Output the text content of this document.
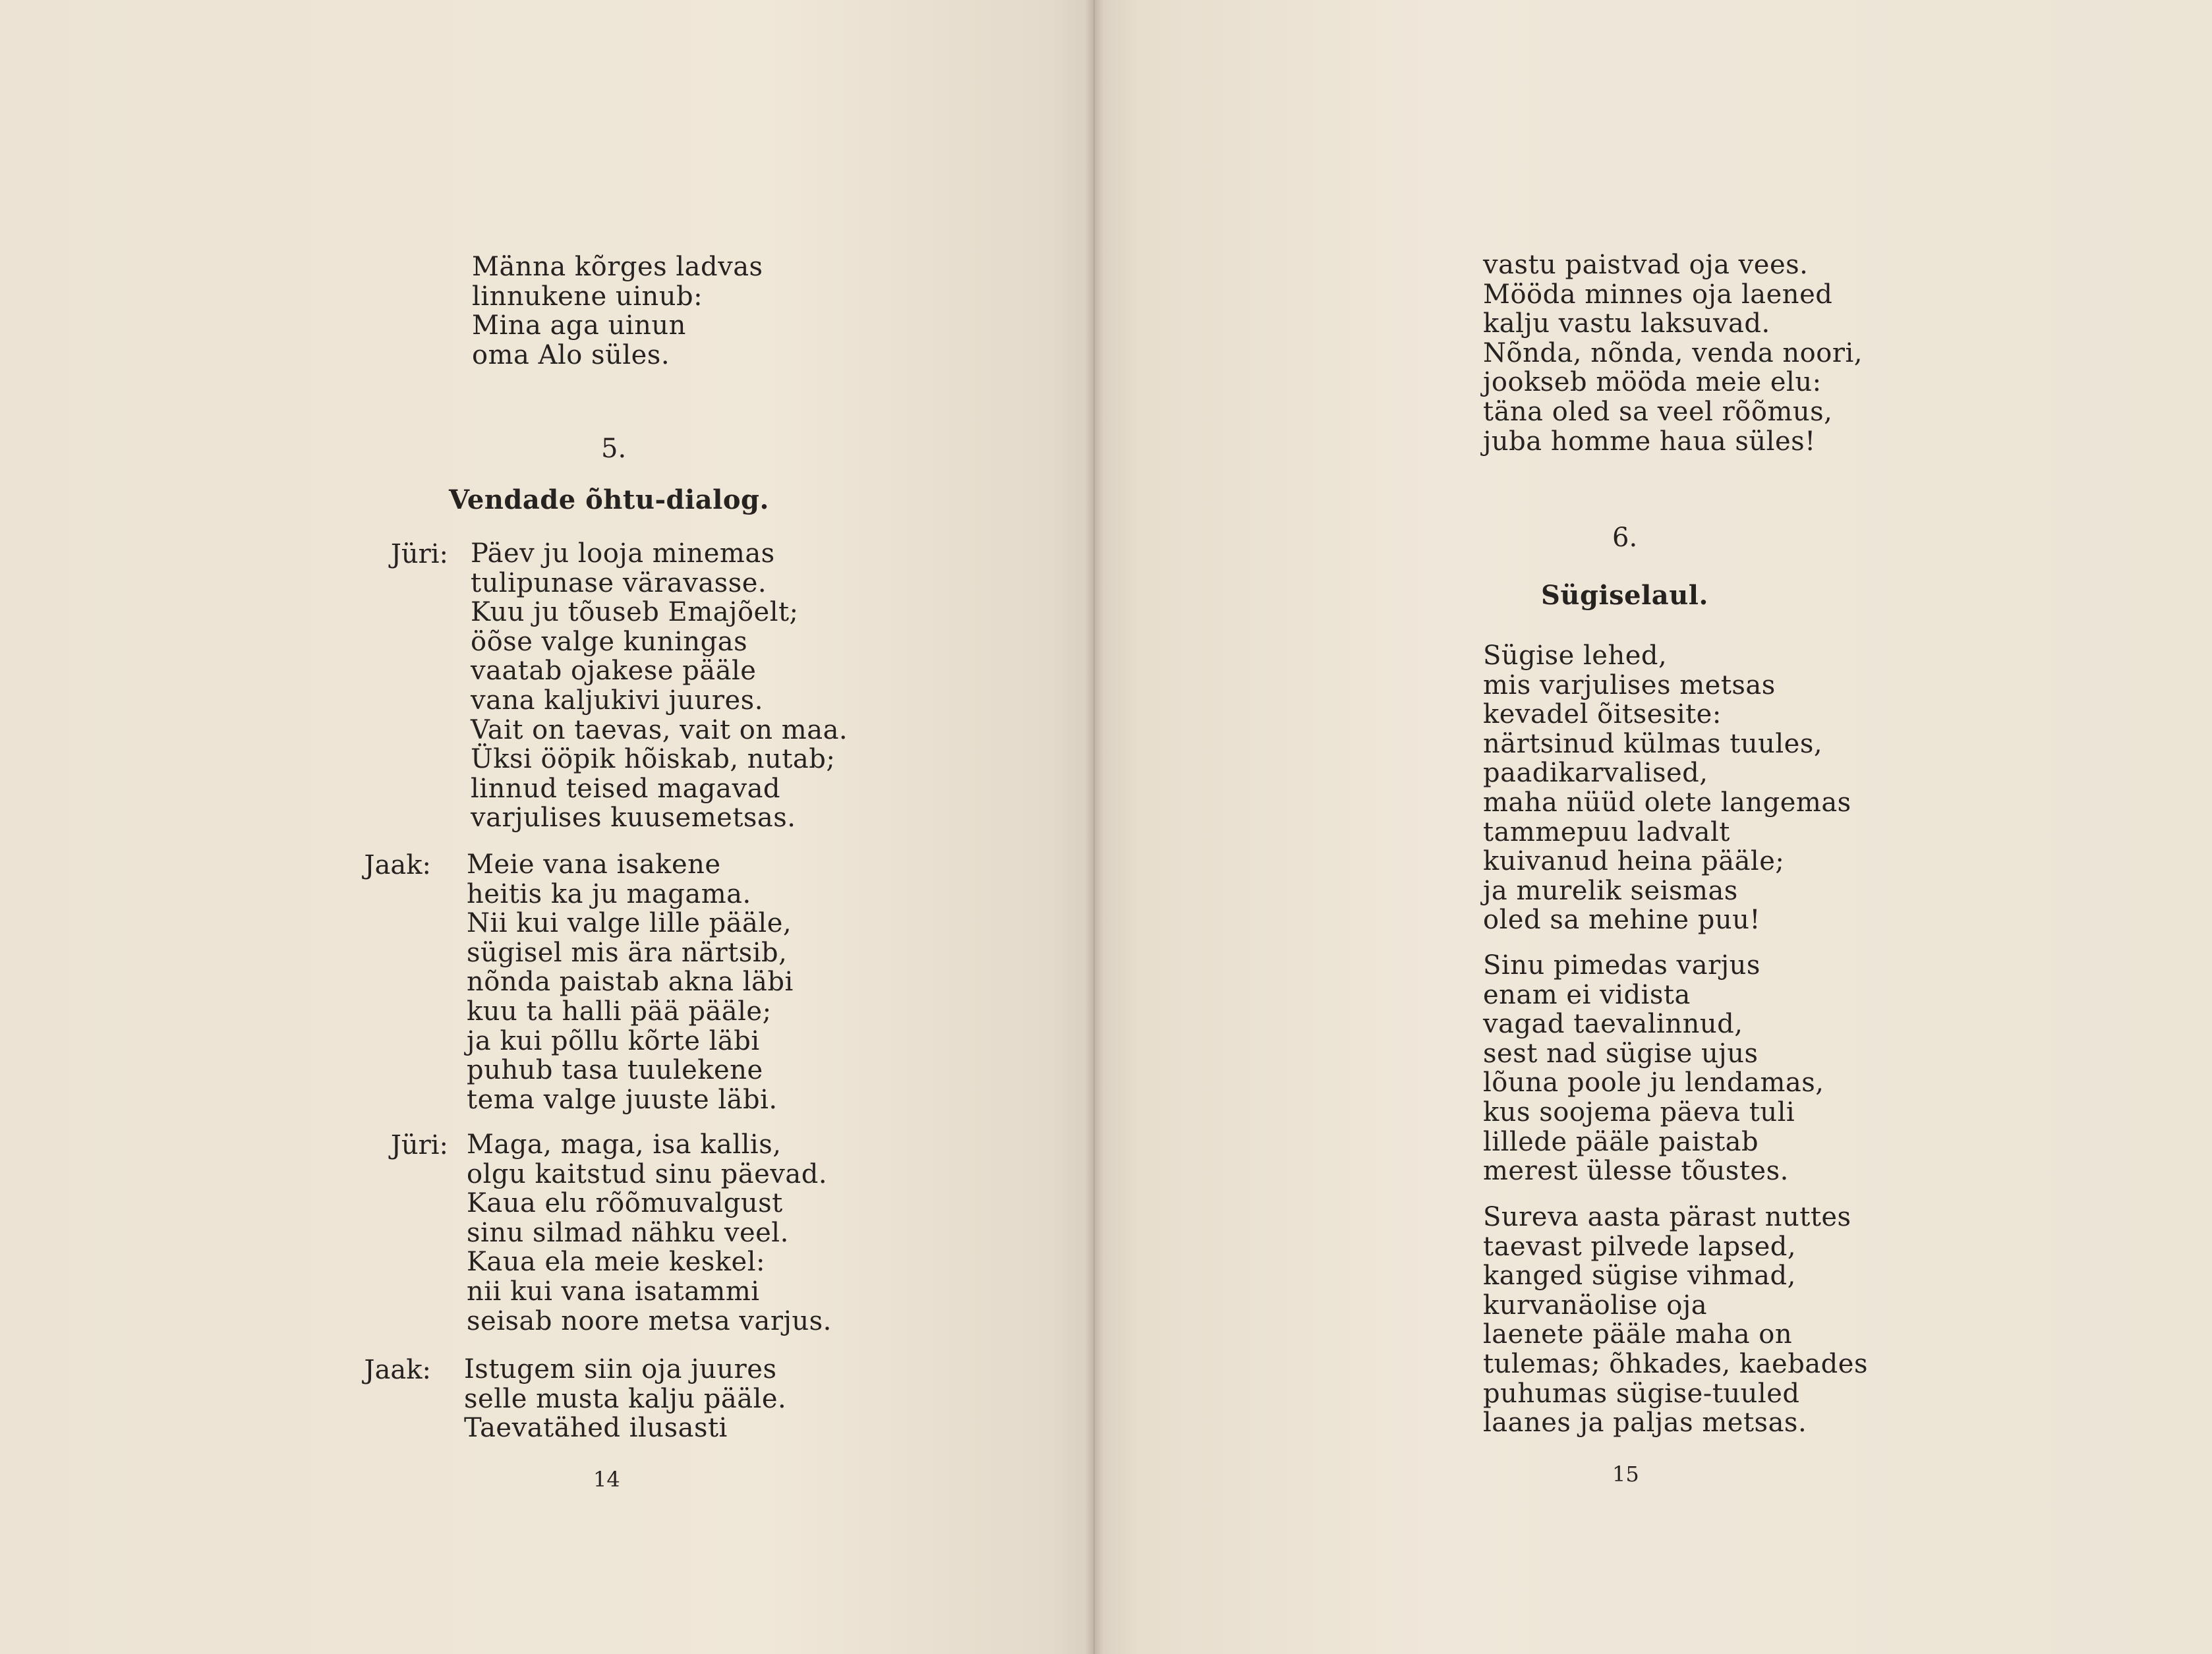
Männa kõrges ladvas
linnukene uinub:
Mina aga uinun
oma Alo süles.
5.
Vendade õhtu-dialog.
Jüri: Päev ju looja minemas
tulipunase väravasse.
Kuu ju tõuseb Emajõelt;
öõse valge kuningas
vaatab ojakese pääle
vana kaljukivi juures.
Vait on taevas, vait on maa.
Üksi ööpik hõiskab, nutab;
linnud teised magavad
varjulises kuusemetsas.
Jaak: Meie vana isakene
heitis ka ju magama.
Nii kui valge lille pääle,
sügisel mis ära närtsib,
nõnda paistab akna läbi
kuu ta halli pää pääle;
ja kui põllu kõrte läbi
puhub tasa tuulekene
tema valge juuste läbi.
Jüri: Maga, maga, isa kallis,
olgu kaitstud sinu päevad.
Kaua elu rõõmuvalgust
sinu silmad nähku veel.
Kaua ela meie keskel:
nii kui vana isatammi
seisab noore metsa varjus.
Jaak: Istugem siin oja juures
selle musta kalju pääle.
Taevatähed ilusasti
14
vastu paistvad oja vees.
Mööda minnes oja laened
kalju vastu laksuvad.
Nõnda, nõnda, venda noori,
jookseb mööda meie elu:
täna oled sa veel rõõmus,
juba homme haua süles!
6.
Sügiselaul.
Sügise lehed,
mis varjulises metsas
kevadel õitsesite:
närtsinud külmas tuules,
paadikarvalised,
maha nüüd olete langemas
tammepuu ladvalt
kuivanud heina pääle;
ja murelik seismas
oled sa mehine puu!
Sinu pimedas varjus
enam ei vidista
vagad taevalinnud,
sest nad sügise ujus
lõuna poole ju lendamas,
kus soojema päeva tuli
lillede pääle paistab
merest ülesse tõustes.
Sureva aasta pärast nuttes
taevast pilvede lapsed,
kanged sügise vihmad,
kurvanäolise oja
laenete pääle maha on
tulemas; õhkades, kaebades
puhumas sügise-tuuled
laanes ja paljas metsas.
15
